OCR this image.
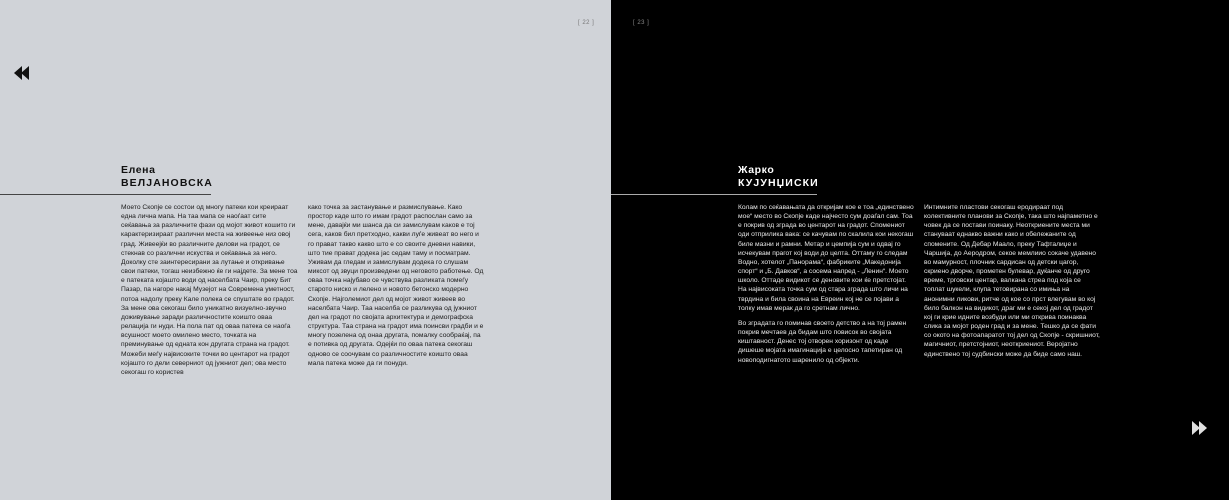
[ 22 ]
Елена
ВЕЛЈАНОВСКА

Моето Скопје се состои од многу патеки кои креираат една лична мапа. На таа мапа се наоѓаат сите сеќавања за различните фази од мојот живот кошито ги карактеризираат различни места на живеење низ овој град. Живеејќи во различните делови на градот, се стекнав со различни искуства и сеќавања за него. Доколку сте заинтересирани за лутање и откривање свои патеки, тогаш неизбежно ќе ги најдете. За мене тоа е патеката којашто води од населбата Чаир, преку Бит Пазар, па нагоре накај Музејот на Современа уметност, потоа надолу преку Кале полека се спуштате во градот. За мене ова секогаш било уникатно визуелно-звучно доживување заради различностите коишто оваа релација ги нуди. На пола пат од оваа патека се наоѓа всушност моето омилено место, точката на преминување од едната кон другата страна на градот. Можеби меѓу највисоките точки во центарот на градот којашто го дели северниот од јужниот дел; ова место секогаш го користев

како точка за застанување и размислување. Како простор каде што го имам градот распослан само за мене, давајќи ми шанса да си замислувам каков е тој сега, каков бил претходно, какви луѓе живеат во него и го прават такво какво што е со своите дневни навики, што тие прават додека јас седам таму и посматрам. Уживам да гледам и замислувам додека го слушам миксот од звуци произведени од неговото работење. Од оваа точка најубаво се чувствува разликата помеѓу старото ниско и лелено и новото бетонско модерно Скопје. Најголемиот дел од мојот живот живеев во населбата Чаир. Таа населба се разликува од јужниот дел на градот по својата архитектура и демографска структура. Таа страна на градот има поинсви градби и е многу позелена од онаа другата, помалку сообраќај, па е потивка од другата. Одејќи по оваа патека секогаш одново се соочувам со различностите коишто оваа мала патека може да ги понуди.

[ 23 ]
Жарко
КУЈУНЏИСКИ

Колам по сеќавањата да откријам кое е тоа „единствено мое“ место во Скопје каде најчесто сум доаѓал сам. Тоа е покрив од зграда во центарот на градот. Спомениот оди отприлика вака: се качувам по скалила кои некогаш биле мазни и рамни. Метар и цемпија сум и одвај го исчекувам прагот кој води до целта. Оттаму го следам Водно, хотелот „Панорама“, фабриките „Македонија спорт“ и „Б. Давков“, а сосема напред - „Ленин“. Моето школо. Оттаде видикот се деновите кои ќе претстојат. На највисоката точка сум од стара зграда што личи на тврдина и била своина на Евреин кој не се појави а толку имав мерак да го сретнам лично.

Во зградата го поминав своето детство а на тој рамен покрив мечтаев да бидам што повисок во својата киштавност. Денес тој отворен хоризонт од каде дишеше мојата имагинација е целосно тапетиран од новоподигнатото шаренило од објекти.

Интимните пластови секогаш еродираат под колективните планови за Скопје, така што најпаметно е човек да се постави поинаку. Неоткриените места ми стануваат еднакво важни како и обележаните од спомените. Од Дебар Маало, преку Тафталиџе и Чаршија, до Аеродром, секое мемлиио сокаче удавено во мамурност, плочник сардисан од детски цагор, скриено дворче, прометен булевар, дуќанче од друго време, трговски центар, валкана стреа под која се топлат шукели, клупа тетовирана со имиња на анонимни ликови, ритче од кое со прст влегувам во кој било балкон на видикот, драг ми е секој дел од градот кој ги криe идните возбуди или ми открива поинаква слика за мојот роден град и за мене. Тешко да се фати со окото на фотоапаратот тој дел од Скопје - скришниот, магичниот, претстојниот, неоткриениот. Веројатно единствено тој судбински може да биде само наш.
